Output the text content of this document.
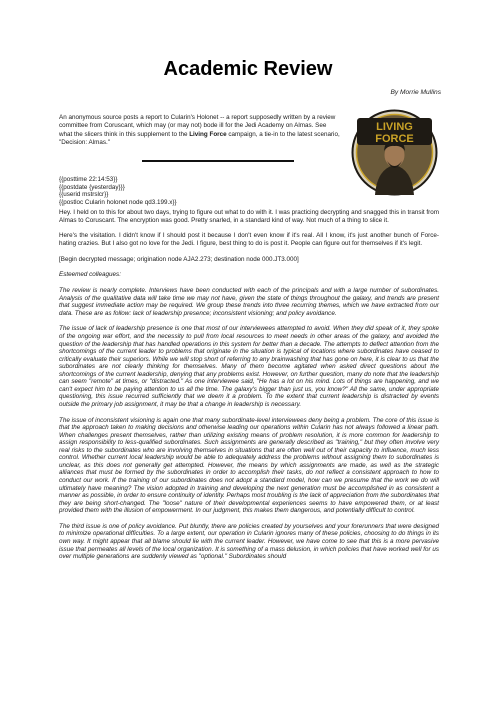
Academic Review
By Morrie Mullins
An anonymous source posts a report to Cularin's Holonet -- a report supposedly written by a review committee from Coruscant, which may (or may not) bode ill for the Jedi Academy on Almas. See what the slicers think in this supplement to the Living Force campaign, a tie-in to the latest scenario, "Decision: Almas."
LIVING
FORCE
{{posttime 22:14:53}}
{{postdate {yesterday}}}
{{userid mstrslcr}}
{{postloc Cularin holonet node qd3.199.x}}

Hey. I held on to this for about two days, trying to figure out what to do with it. I was practicing decrypting and snagged this in transit from Almas to Coruscant. The encryption was good. Pretty snarled, in a standard kind of way. Not much of a thing to slice it.

Here's the visitation. I didn't know if I should post it because I don't even know if it's real. All I know, it's just another bunch of Force-hating crazies. But I also got no love for the Jedi. I figure, best thing to do is post it. People can figure out for themselves if it's legit.

[Begin decrypted message; origination node AJA2.273; destination node 000.JT3.000]

Esteemed colleagues:

The review is nearly complete. Interviews have been conducted with each of the principals and with a large number of subordinates. Analysis of the qualitative data will take time we may not have, given the state of things throughout the galaxy, and trends are present that suggest immediate action may be required. We group these trends into three recurring themes, which we have extracted from our data. These are as follow: lack of leadership presence; inconsistent visioning; and policy avoidance.

The issue of lack of leadership presence is one that most of our interviewees attempted to avoid. When they did speak of it, they spoke of the ongoing war effort, and the necessity to pull from local resources to meet needs in other areas of the galaxy, and avoided the question of the leadership that has handled operations in this system for better than a decade. The attempts to deflect attention from the shortcomings of the current leader to problems that originate in the situation is typical of locations where subordinates have ceased to critically evaluate their superiors. While we will stop short of referring to any brainwashing that has gone on here, it is clear to us that the subordinates are not clearly thinking for themselves. Many of them become agitated when asked direct questions about the shortcomings of the current leadership, denying that any problems exist. However, on further question, many do note that the leadership can seem "remote" at times, or "distracted." As one interviewee said, "He has a lot on his mind. Lots of things are happening, and we can't expect him to be paying attention to us all the time. The galaxy's bigger than just us, you know?" All the same, under appropriate questioning, this issue recurred sufficiently that we deem it a problem. To the extent that current leadership is distracted by events outside the primary job assignment, it may be that a change in leadership is necessary.

The issue of inconsistent visioning is again one that many subordinate-level interviewees deny being a problem. The core of this issue is that the approach taken to making decisions and otherwise leading our operations within Cularin has not always followed a linear path. When challenges present themselves, rather than utilizing existing means of problem resolution, it is more common for leadership to assign responsibility to less-qualified subordinates. Such assignments are generally described as "training," but they often involve very real risks to the subordinates who are involving themselves in situations that are often well out of their capacity to influence, much less control. Whether current local leadership would be able to adequately address the problems without assigning them to subordinates is unclear, as this does not generally get attempted. However, the means by which assignments are made, as well as the strategic alliances that must be formed by the subordinates in order to accomplish their tasks, do not reflect a consistent approach to how to conduct our work. If the training of our subordinates does not adopt a standard model, how can we presume that the work we do will ultimately have meaning? The vision adopted in training and developing the next generation must be accomplished in as consistent a manner as possible, in order to ensure continuity of identity. Perhaps most troubling is the lack of appreciation from the subordinates that they are being short-changed. The "loose" nature of their developmental experiences seems to have empowered them, or at least provided them with the illusion of empowerment. In our judgment, this makes them dangerous, and potentially difficult to control.

The third issue is one of policy avoidance. Put bluntly, there are policies created by yourselves and your forerunners that were designed to minimize operational difficulties. To a large extent, our operation in Cularin ignores many of these policies, choosing to do things in its own way. It might appear that all blame should lie with the current leader. However, we have come to see that this is a more pervasive issue that permeates all levels of the local organization. It is something of a mass delusion, in which policies that have worked well for us over multiple generations are suddenly viewed as "optional." Subordinates should
